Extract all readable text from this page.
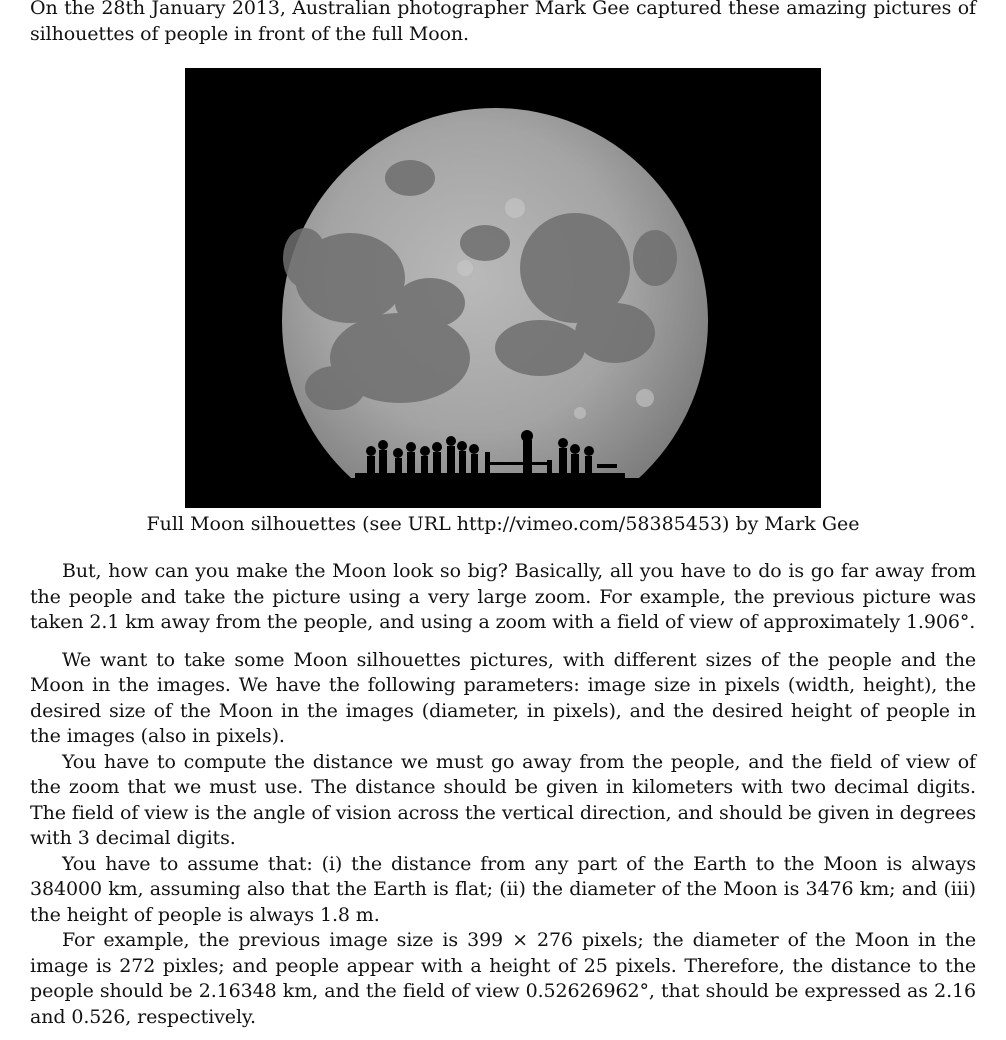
On the 28th January 2013, Australian photographer Mark Gee captured these amazing pictures of silhouettes of people in front of the full Moon.

Full Moon silhouettes (see URL http://vimeo.com/58385453) by Mark Gee

But, how can you make the Moon look so big? Basically, all you have to do is go far away from the people and take the picture using a very large zoom. For example, the previous picture was taken 2.1 km away from the people, and using a zoom with a field of view of approximately 1.906°.

We want to take some Moon silhouettes pictures, with different sizes of the people and the Moon in the images. We have the following parameters: image size in pixels (width, height), the desired size of the Moon in the images (diameter, in pixels), and the desired height of people in the images (also in pixels).

You have to compute the distance we must go away from the people, and the field of view of the zoom that we must use. The distance should be given in kilometers with two decimal digits. The field of view is the angle of vision across the vertical direction, and should be given in degrees with 3 decimal digits.

You have to assume that: (i) the distance from any part of the Earth to the Moon is always 384000 km, assuming also that the Earth is flat; (ii) the diameter of the Moon is 3476 km; and (iii) the height of people is always 1.8 m.

For example, the previous image size is 399 × 276 pixels; the diameter of the Moon in the image is 272 pixles; and people appear with a height of 25 pixels. Therefore, the distance to the people should be 2.16348 km, and the field of view 0.52626962°, that should be expressed as 2.16 and 0.526, respectively.
